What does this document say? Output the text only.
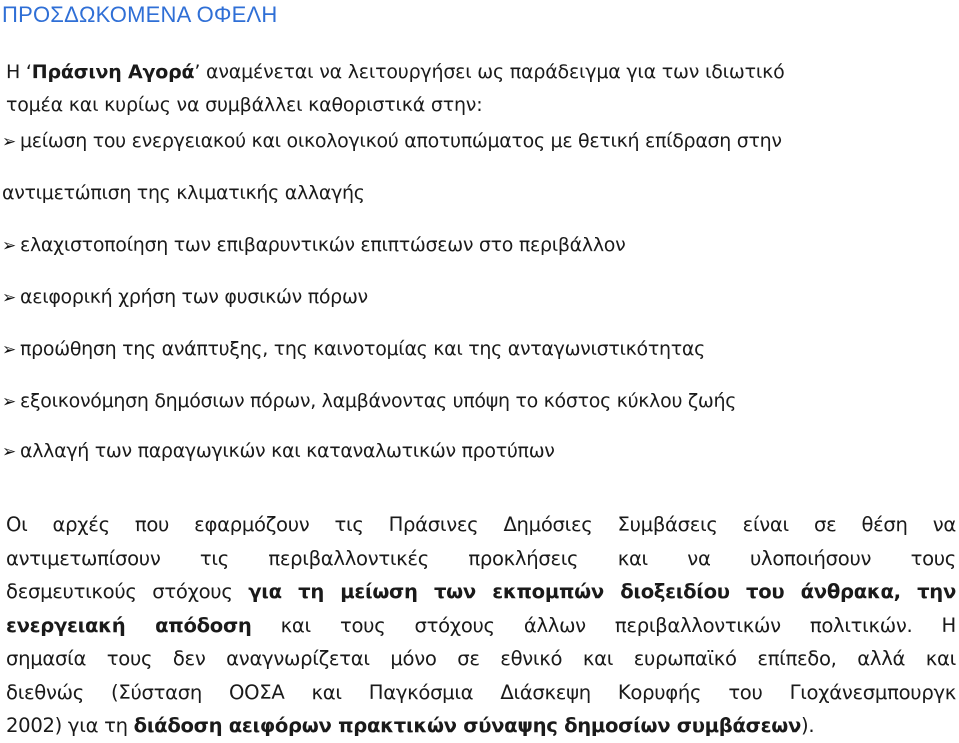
ΠΡΟΣΔΩΚΟΜΕΝΑ ΟΦΕΛΗ
Η ‘Πράσινη Αγορά’ αναμένεται να λειτουργήσει ως παράδειγμα για των ιδιωτικό
τομέα και κυρίως να συμβάλλει καθοριστικά στην:
➢ μείωση του ενεργειακού και οικολογικού αποτυπώματος με θετική επίδραση στην
αντιμετώπιση της κλιματικής αλλαγής
➢ ελαχιστοποίηση των επιβαρυντικών επιπτώσεων στο περιβάλλον
➢ αειφορική χρήση των φυσικών πόρων
➢ προώθηση της ανάπτυξης, της καινοτομίας και της ανταγωνιστικότητας
➢ εξοικονόμηση δημόσιων πόρων, λαμβάνοντας υπόψη το κόστος κύκλου ζωής
➢ αλλαγή των παραγωγικών και καταναλωτικών προτύπων
Οι αρχές που εφαρμόζουν τις Πράσινες Δημόσιες Συμβάσεις είναι σε θέση να
αντιμετωπίσουν τις περιβαλλοντικές προκλήσεις και να υλοποιήσουν τους
δεσμευτικούς στόχους για τη μείωση των εκπομπών διοξειδίου του άνθρακα, την
ενεργειακή απόδοση και τους στόχους άλλων περιβαλλοντικών πολιτικών. Η
σημασία τους δεν αναγνωρίζεται μόνο σε εθνικό και ευρωπαϊκό επίπεδο, αλλά και
διεθνώς (Σύσταση ΟΟΣΑ και Παγκόσμια Διάσκεψη Κορυφής του Γιοχάνεσμπουργκ
2002) για τη διάδοση αειφόρων πρακτικών σύναψης δημοσίων συμβάσεων).
